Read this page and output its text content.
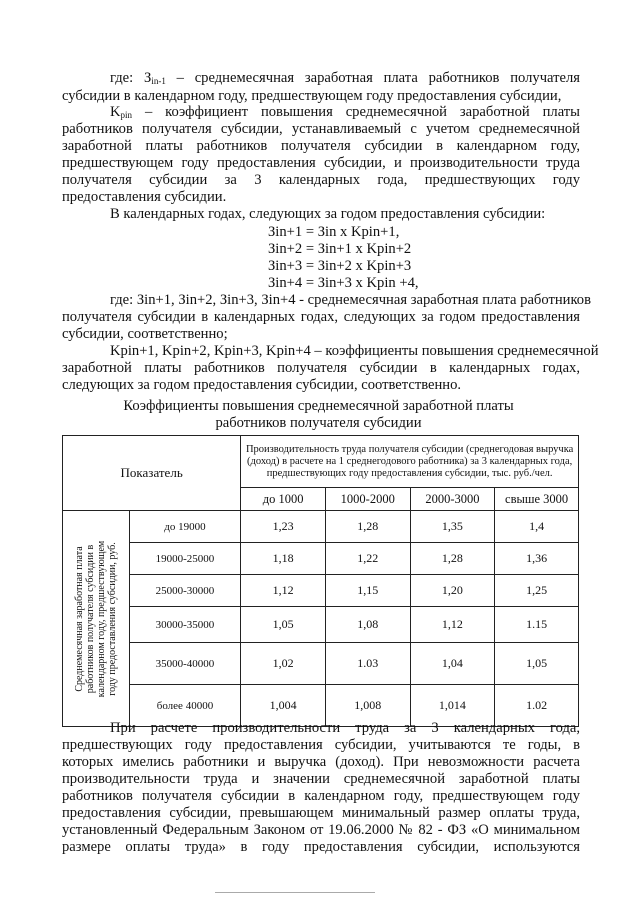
где: $З_{in-1}$ – среднемесячная заработная плата работников получателя
субсидии в календарном году, предшествующем году предоставления субсидии,
$K_{pin}$ – коэффициент повышения среднемесячной заработной платы
работников получателя субсидии, устанавливаемый с учетом среднемесячной
заработной платы работников получателя субсидии в календарном году,
предшествующем году предоставления субсидии, и производительности труда
получателя субсидии за 3 календарных года, предшествующих году
предоставления субсидии.
В календарных годах, следующих за годом предоставления субсидии:
Зin+1 = Зin x Kpin+1,
Зin+2 = Зin+1 x Kpin+2
Зin+3 = Зin+2 x Kpin+3
Зin+4 = Зin+3 x Kpin +4,
где: Зin+1, Зin+2, Зin+3, Зin+4 - среднемесячная заработная плата работников
получателя субсидии в календарных годах, следующих за годом предоставления
субсидии, соответственно;
Kpin+1, Kpin+2, Kpin+3, Kpin+4 – коэффициенты повышения среднемесячной
заработной платы работников получателя субсидии в календарных годах,
следующих за годом предоставления субсидии, соответственно.
Коэффициенты повышения среднемесячной заработной платы
работников получателя субсидии
Показатель		Производительность труда получателя субсидии (среднегодовая выручка (доход) в расчете на 1 среднегодового работника) за 3 календарных года, предшествующих году предоставления субсидии, тыс. руб./чел.			
		до 1000	1000-2000	2000-3000	свыше 3000

Среднемесячная заработная плата работников получателя субсидии в календарном году, предшествующем году предоставления субсидии, руб.	до 19000	1,23	1,28	1,35	1,4
	19000-25000	1,18	1,22	1,28	1,36
	25000-30000	1,12	1,15	1,20	1,25
	30000-35000	1,05	1,08	1,12	1.15
	35000-40000	1,02	1.03	1,04	1,05
	более 40000	1,004	1,008	1,014	1.02
При расчете производительности труда за 3 календарных года,
предшествующих году предоставления субсидии, учитываются те годы, в
которых имелись работники и выручка (доход). При невозможности расчета
производительности труда и значении среднемесячной заработной платы
работников получателя субсидии в календарном году, предшествующем году
предоставления субсидии, превышающем минимальный размер оплаты труда,
установленный Федеральным Законом от 19.06.2000 № 82 - ФЗ «О минимальном
размере оплаты труда» в году предоставления субсидии, используются
